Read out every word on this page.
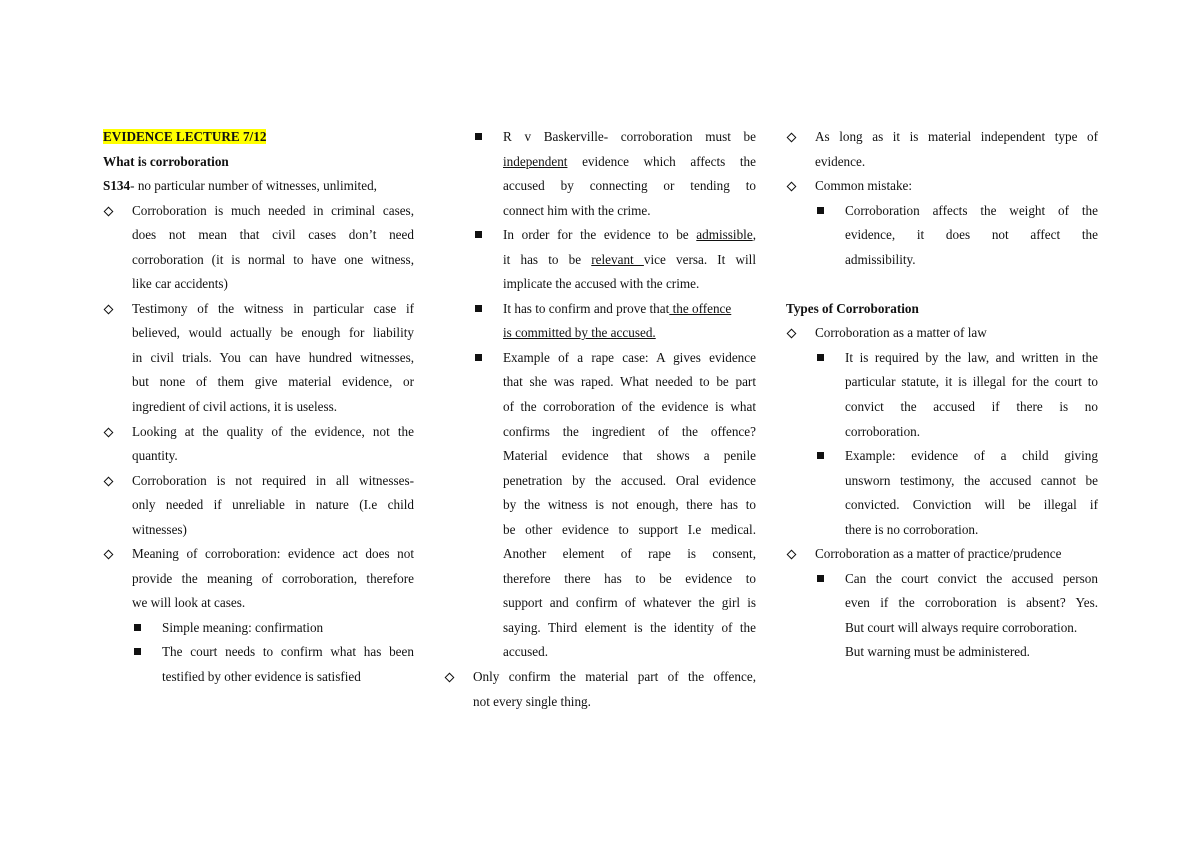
EVIDENCE LECTURE 7/12
What is corroboration
S134- no particular number of witnesses, unlimited,
Corroboration is much needed in criminal cases,
does not mean that civil cases don’t need
corroboration (it is normal to have one witness,
like car accidents)
Testimony of the witness in particular case if
believed, would actually be enough for liability
in civil trials. You can have hundred witnesses,
but none of them give material evidence, or
ingredient of civil actions, it is useless.
Looking at the quality of the evidence, not the
quantity.
Corroboration is not required in all witnesses-
only needed if unreliable in nature (I.e child
witnesses)
Meaning of corroboration: evidence act does not
provide the meaning of corroboration, therefore
we will look at cases.
Simple meaning: confirmation
The court needs to confirm what has been
testified by other evidence is satisfied
R v Baskerville- corroboration must be
independent evidence which affects the
accused by connecting or tending to
connect him with the crime.
In order for the evidence to be admissible,
it has to be relevant vice versa. It will
implicate the accused with the crime.
It has to confirm and prove that the offence
is committed by the accused.
Example of a rape case: A gives evidence
that she was raped. What needed to be part
of the corroboration of the evidence is what
confirms the ingredient of the offence?
Material evidence that shows a penile
penetration by the accused. Oral evidence
by the witness is not enough, there has to
be other evidence to support I.e medical.
Another element of rape is consent,
therefore there has to be evidence to
support and confirm of whatever the girl is
saying. Third element is the identity of the
accused.
Only confirm the material part of the offence,
not every single thing.
As long as it is material independent type of
evidence.
Common mistake:
Corroboration affects the weight of the
evidence, it does not affect the
admissibility.
Types of Corroboration
Corroboration as a matter of law
It is required by the law, and written in the
particular statute, it is illegal for the court to
convict the accused if there is no
corroboration.
Example: evidence of a child giving
unsworn testimony, the accused cannot be
convicted. Conviction will be illegal if
there is no corroboration.
Corroboration as a matter of practice/prudence
Can the court convict the accused person
even if the corroboration is absent? Yes.
But court will always require corroboration.
But warning must be administered.
